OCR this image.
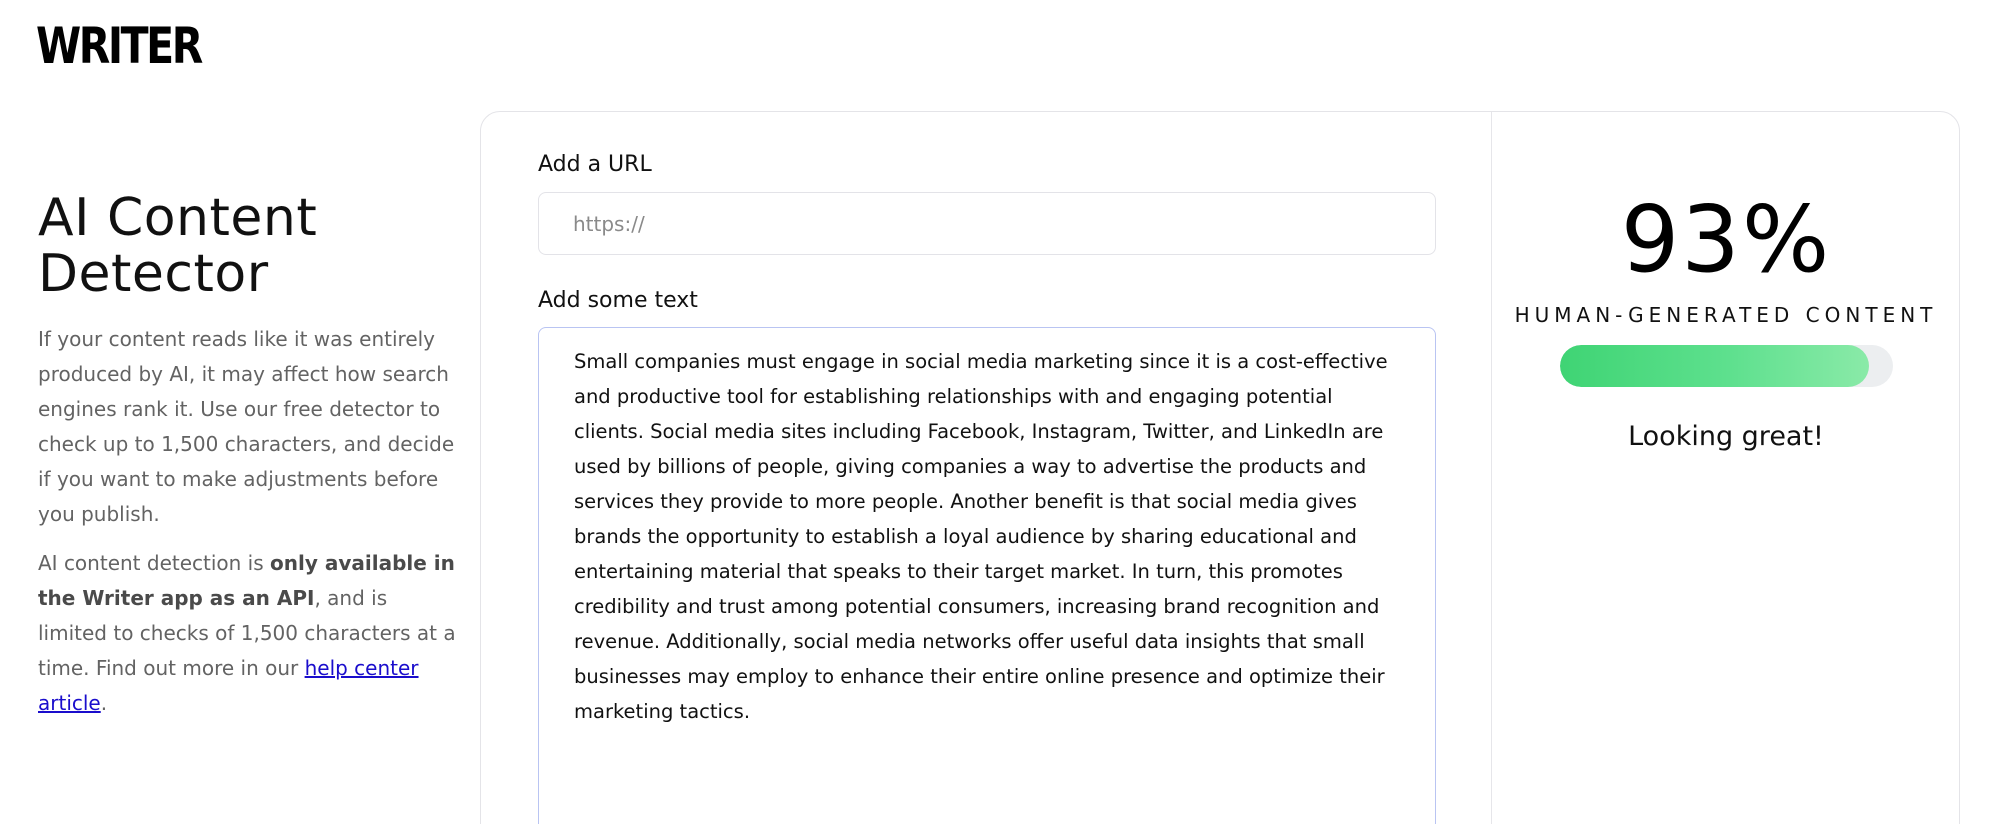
WRITER
AI Content Detector

If your content reads like it was entirely produced by AI, it may affect how search engines rank it. Use our free detector to check up to 1,500 characters, and decide if you want to make adjustments before you publish.

AI content detection is only available in the Writer app as an API, and is limited to checks of 1,500 characters at a time. Find out more in our help center article.

Add a URL
https://
Add some text
Small companies must engage in social media marketing since it is a cost-effective and productive tool for establishing relationships with and engaging potential clients. Social media sites including Facebook, Instagram, Twitter, and LinkedIn are used by billions of people, giving companies a way to advertise the products and services they provide to more people. Another benefit is that social media gives brands the opportunity to establish a loyal audience by sharing educational and entertaining material that speaks to their target market. In turn, this promotes credibility and trust among potential consumers, increasing brand recognition and revenue. Additionally, social media networks offer useful data insights that small businesses may employ to enhance their entire online presence and optimize their marketing tactics.
93%
HUMAN-GENERATED CONTENT
Looking great!
